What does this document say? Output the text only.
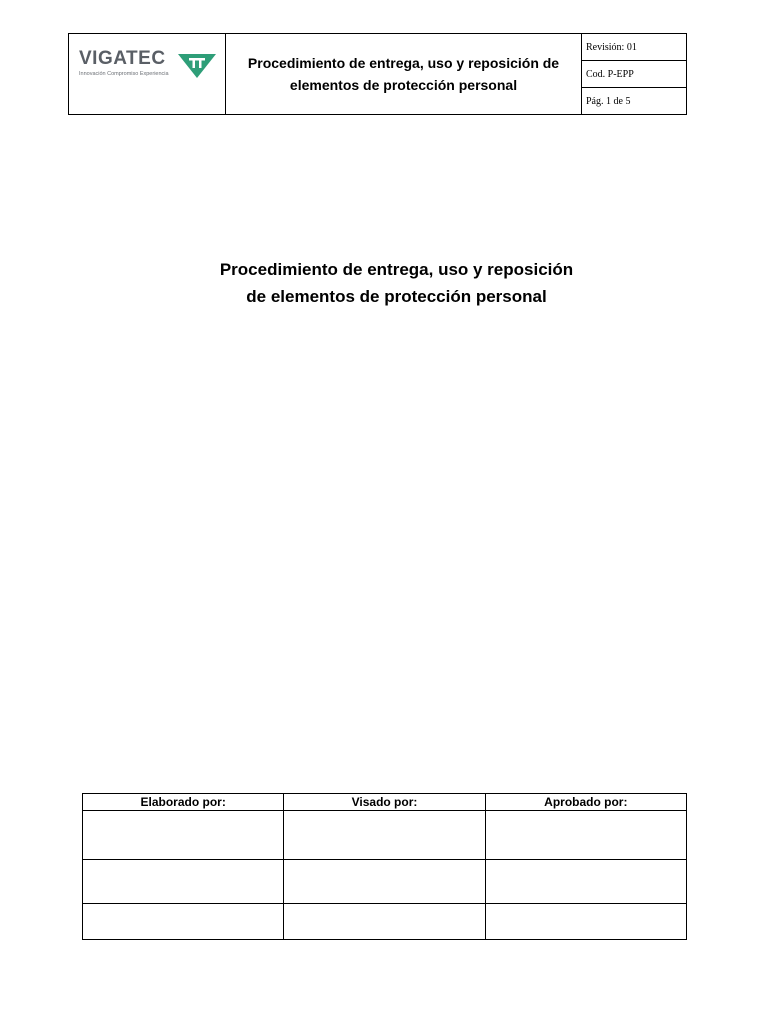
VIGATEC
Innovación Compromiso Experiencia

Procedimiento de entrega, uso y reposición de
elementos de protección personal
	Revisión: 01
Cod. P-EPP
Pág. 1 de 5
Procedimiento de entrega, uso y reposición
de elementos de protección personal
Elaborado por:	Visado por:	Aprobado por:
